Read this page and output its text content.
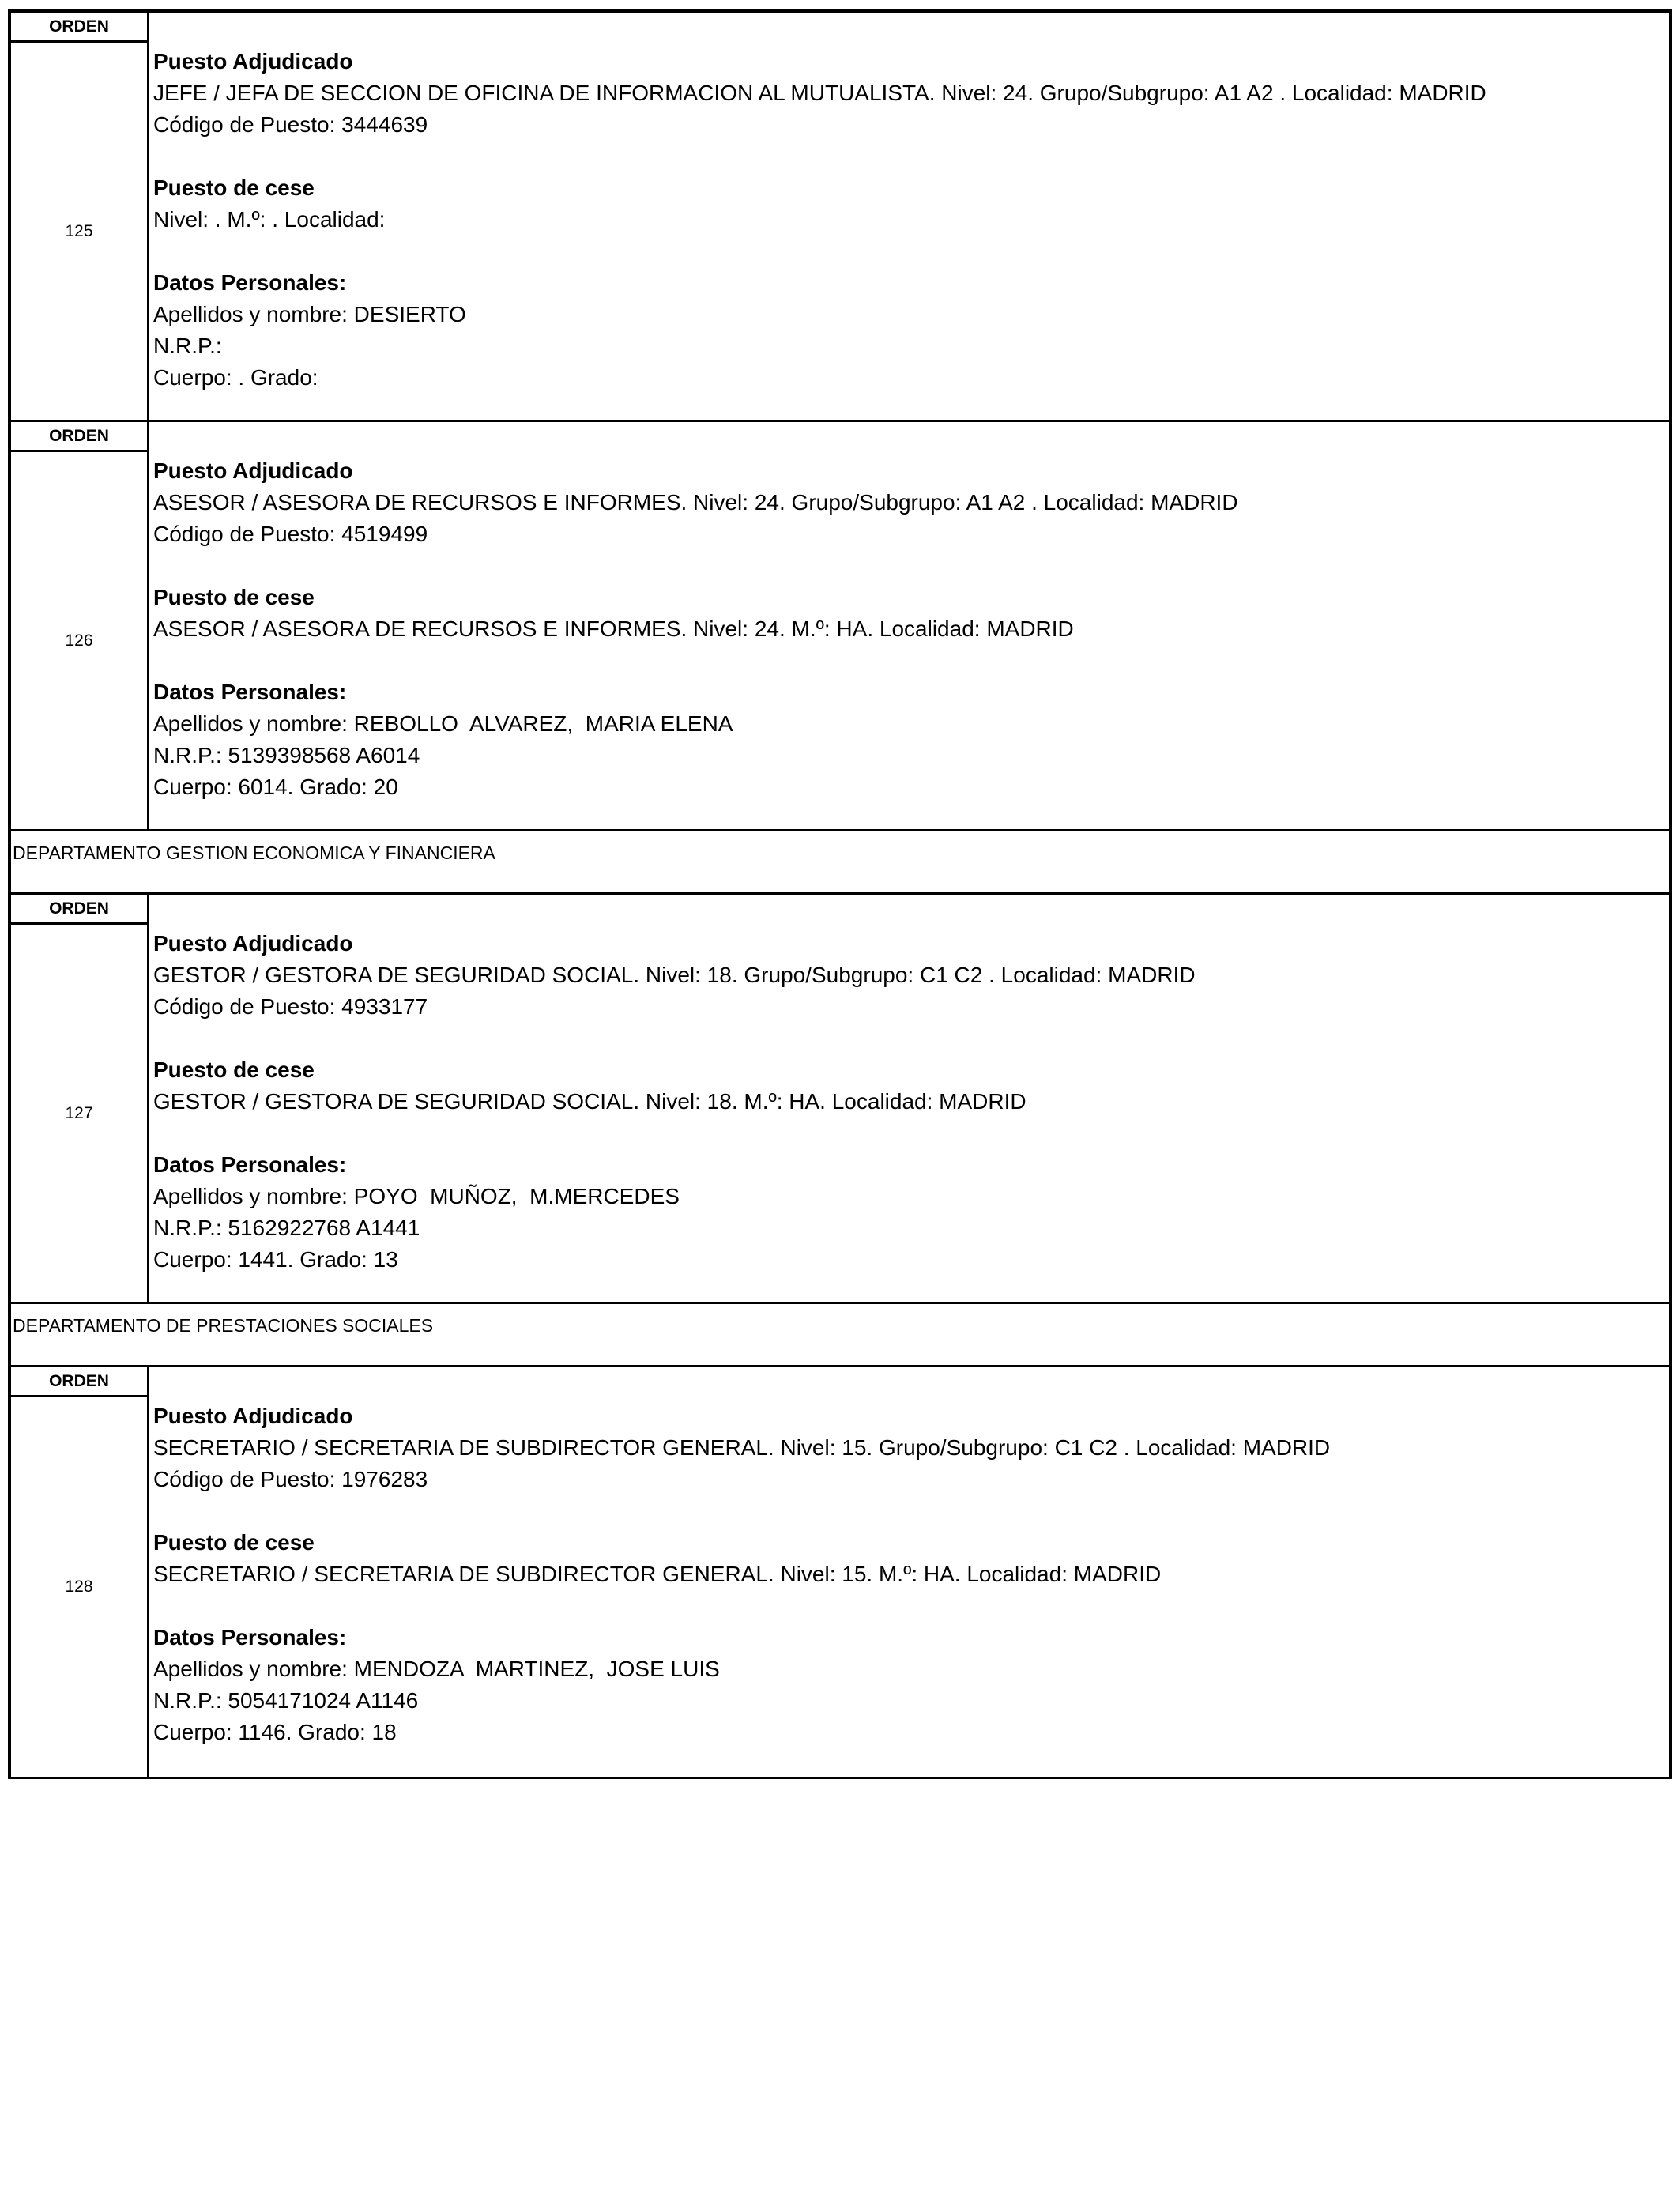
ORDEN
125
Puesto Adjudicado
JEFE / JEFA DE SECCION DE OFICINA DE INFORMACION AL MUTUALISTA. Nivel: 24. Grupo/Subgrupo: A1 A2 . Localidad: MADRID
Código de Puesto: 3444639
Puesto de cese
Nivel: . M.º: . Localidad:
Datos Personales:
Apellidos y nombre: DESIERTO
N.R.P.:
Cuerpo: . Grado:
ORDEN
126
Puesto Adjudicado
ASESOR / ASESORA DE RECURSOS E INFORMES. Nivel: 24. Grupo/Subgrupo: A1 A2 . Localidad: MADRID
Código de Puesto: 4519499
Puesto de cese
ASESOR / ASESORA DE RECURSOS E INFORMES. Nivel: 24. M.º: HA. Localidad: MADRID
Datos Personales:
Apellidos y nombre: REBOLLO  ALVAREZ,  MARIA ELENA
N.R.P.: 5139398568 A6014
Cuerpo: 6014. Grado: 20
DEPARTAMENTO GESTION ECONOMICA Y FINANCIERA
ORDEN
127
Puesto Adjudicado
GESTOR / GESTORA DE SEGURIDAD SOCIAL. Nivel: 18. Grupo/Subgrupo: C1 C2 . Localidad: MADRID
Código de Puesto: 4933177
Puesto de cese
GESTOR / GESTORA DE SEGURIDAD SOCIAL. Nivel: 18. M.º: HA. Localidad: MADRID
Datos Personales:
Apellidos y nombre: POYO  MUÑOZ,  M.MERCEDES
N.R.P.: 5162922768 A1441
Cuerpo: 1441. Grado: 13
DEPARTAMENTO DE PRESTACIONES SOCIALES
ORDEN
128
Puesto Adjudicado
SECRETARIO / SECRETARIA DE SUBDIRECTOR GENERAL. Nivel: 15. Grupo/Subgrupo: C1 C2 . Localidad: MADRID
Código de Puesto: 1976283
Puesto de cese
SECRETARIO / SECRETARIA DE SUBDIRECTOR GENERAL. Nivel: 15. M.º: HA. Localidad: MADRID
Datos Personales:
Apellidos y nombre: MENDOZA  MARTINEZ,  JOSE LUIS
N.R.P.: 5054171024 A1146
Cuerpo: 1146. Grado: 18
